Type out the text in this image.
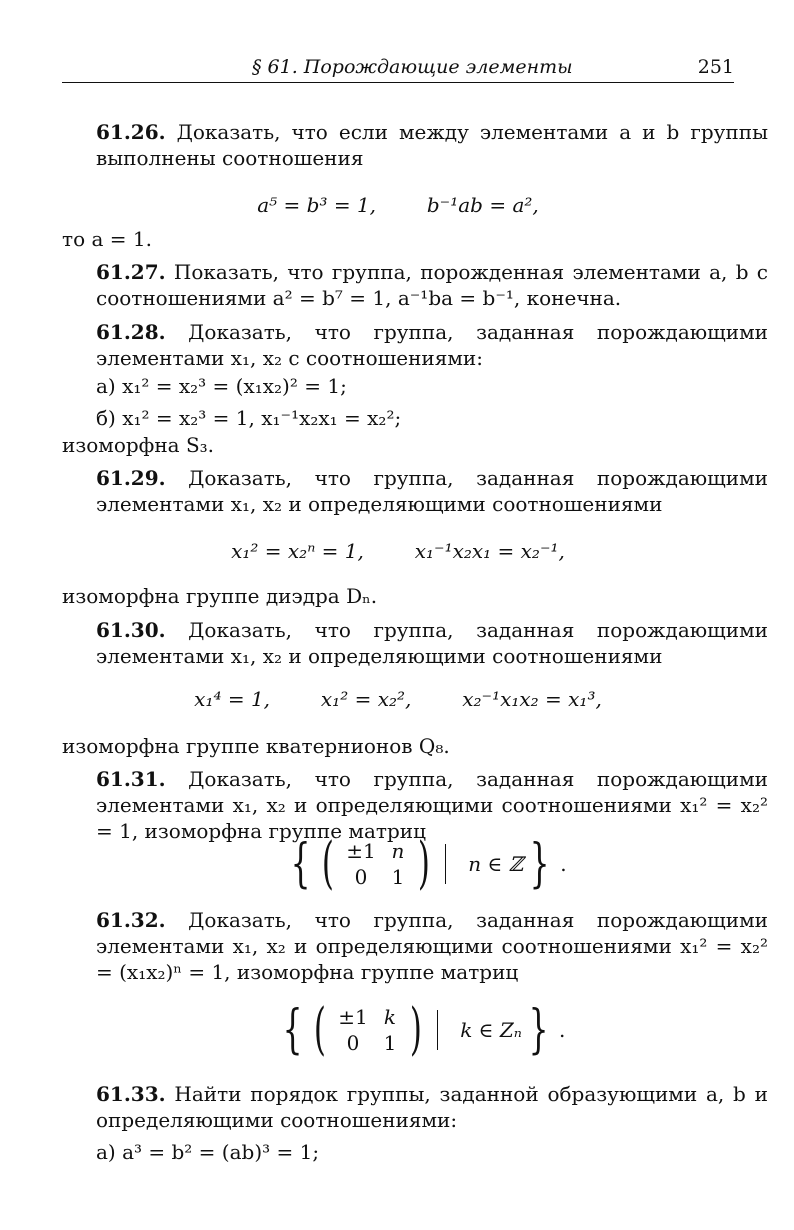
§ 61. Порождающие элементы	251
61.26. Доказать, что если между элементами a и b группы выполнены соотношения
a⁵ = b³ = 1,        b⁻¹ab = a²,
то a = 1.
61.27. Показать, что группа, порожденная элементами a, b с соотношениями a² = b⁷ = 1, a⁻¹ba = b⁻¹, конечна.
61.28. Доказать, что группа, заданная порождающими элементами x₁, x₂ с соотношениями:
а) x₁² = x₂³ = (x₁x₂)² = 1;
б) x₁² = x₂³ = 1, x₁⁻¹x₂x₁ = x₂²;
изоморфна S₃.
61.29. Доказать, что группа, заданная порождающими элементами x₁, x₂ и определяющими соотношениями
x₁² = x₂ⁿ = 1,        x₁⁻¹x₂x₁ = x₂⁻¹,
изоморфна группе диэдра Dₙ.
61.30. Доказать, что группа, заданная порождающими элементами x₁, x₂ и определяющими соотношениями
x₁⁴ = 1,        x₁² = x₂²,        x₂⁻¹x₁x₂ = x₁³,
изоморфна группе кватернионов Q₈.
61.31. Доказать, что группа, заданная порождающими элементами x₁, x₂ и определяющими соотношениями x₁² = x₂² = 1, изоморфна группе матриц
{ ( ±1 n
0	1 ) n ∈ ℤ } .
61.32. Доказать, что группа, заданная порождающими элементами x₁, x₂ и определяющими соотношениями x₁² = x₂² = (x₁x₂)ⁿ = 1, изоморфна группе матриц
{ ( ±1 k
0	1 ) k ∈ Zₙ } .
61.33. Найти порядок группы, заданной образующими a, b и определяющими соотношениями:
а) a³ = b² = (ab)³ = 1;
